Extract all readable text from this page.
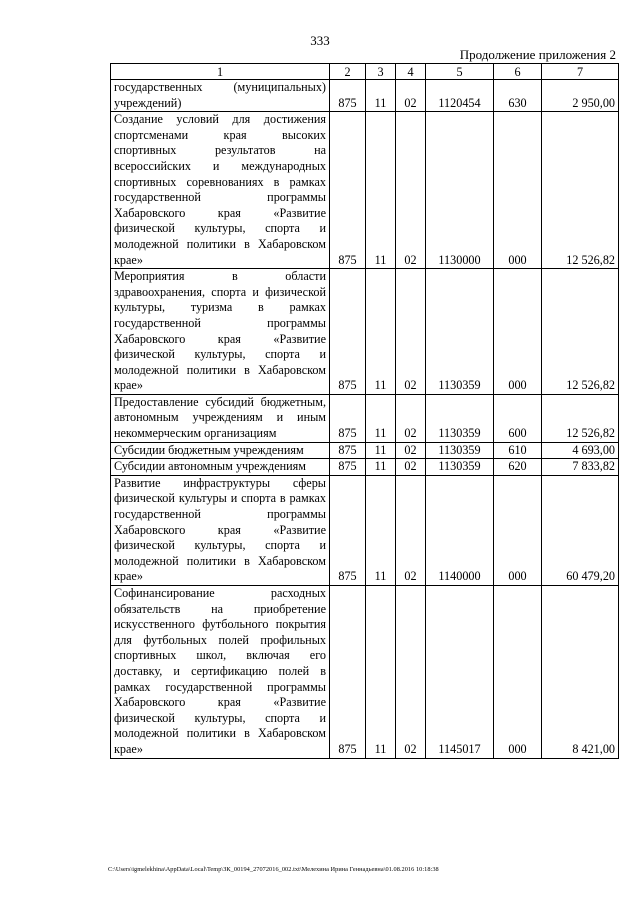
333
Продолжение приложения 2
1	2	3	4	5	6	7
государственных (муниципальных) учреждений)	875	11	02	1120454	630	2 950,00
Создание условий для достижения спортсменами края высоких спортивных результатов на всероссийских и международных спортивных соревнованиях в рамках государственной программы Хабаровского края «Развитие физической культуры, спорта и молодежной политики в Хабаровском крае»	875	11	02	1130000	000	12 526,82
Мероприятия в области здравоохранения, спорта и физической культуры, туризма в рамках государственной программы Хабаровского края «Развитие физической культуры, спорта и молодежной политики в Хабаровском крае»	875	11	02	1130359	000	12 526,82
Предоставление субсидий бюджетным, автономным учреждениям и иным некоммерческим организациям	875	11	02	1130359	600	12 526,82
Субсидии бюджетным учреждениям	875	11	02	1130359	610	4 693,00
Субсидии автономным учреждениям	875	11	02	1130359	620	7 833,82
Развитие инфраструктуры сферы физической культуры и спорта в рамках государственной программы Хабаровского края «Развитие физической культуры, спорта и молодежной политики в Хабаровском крае»	875	11	02	1140000	000	60 479,20
Софинансирование расходных обязательств на приобретение искусственного футбольного покрытия для футбольных полей профильных спортивных школ, включая его доставку, и сертификацию полей в рамках государственной программы Хабаровского края «Развитие физической культуры, спорта и молодежной политики в Хабаровском крае»	875	11	02	1145017	000	8 421,00
C:\Users\igmelekhina\AppData\Local\Temp\ЗК_00194_27072016_002.txt\Мелехина Ирина Геннадьевна\01.08.2016 10:18:38
